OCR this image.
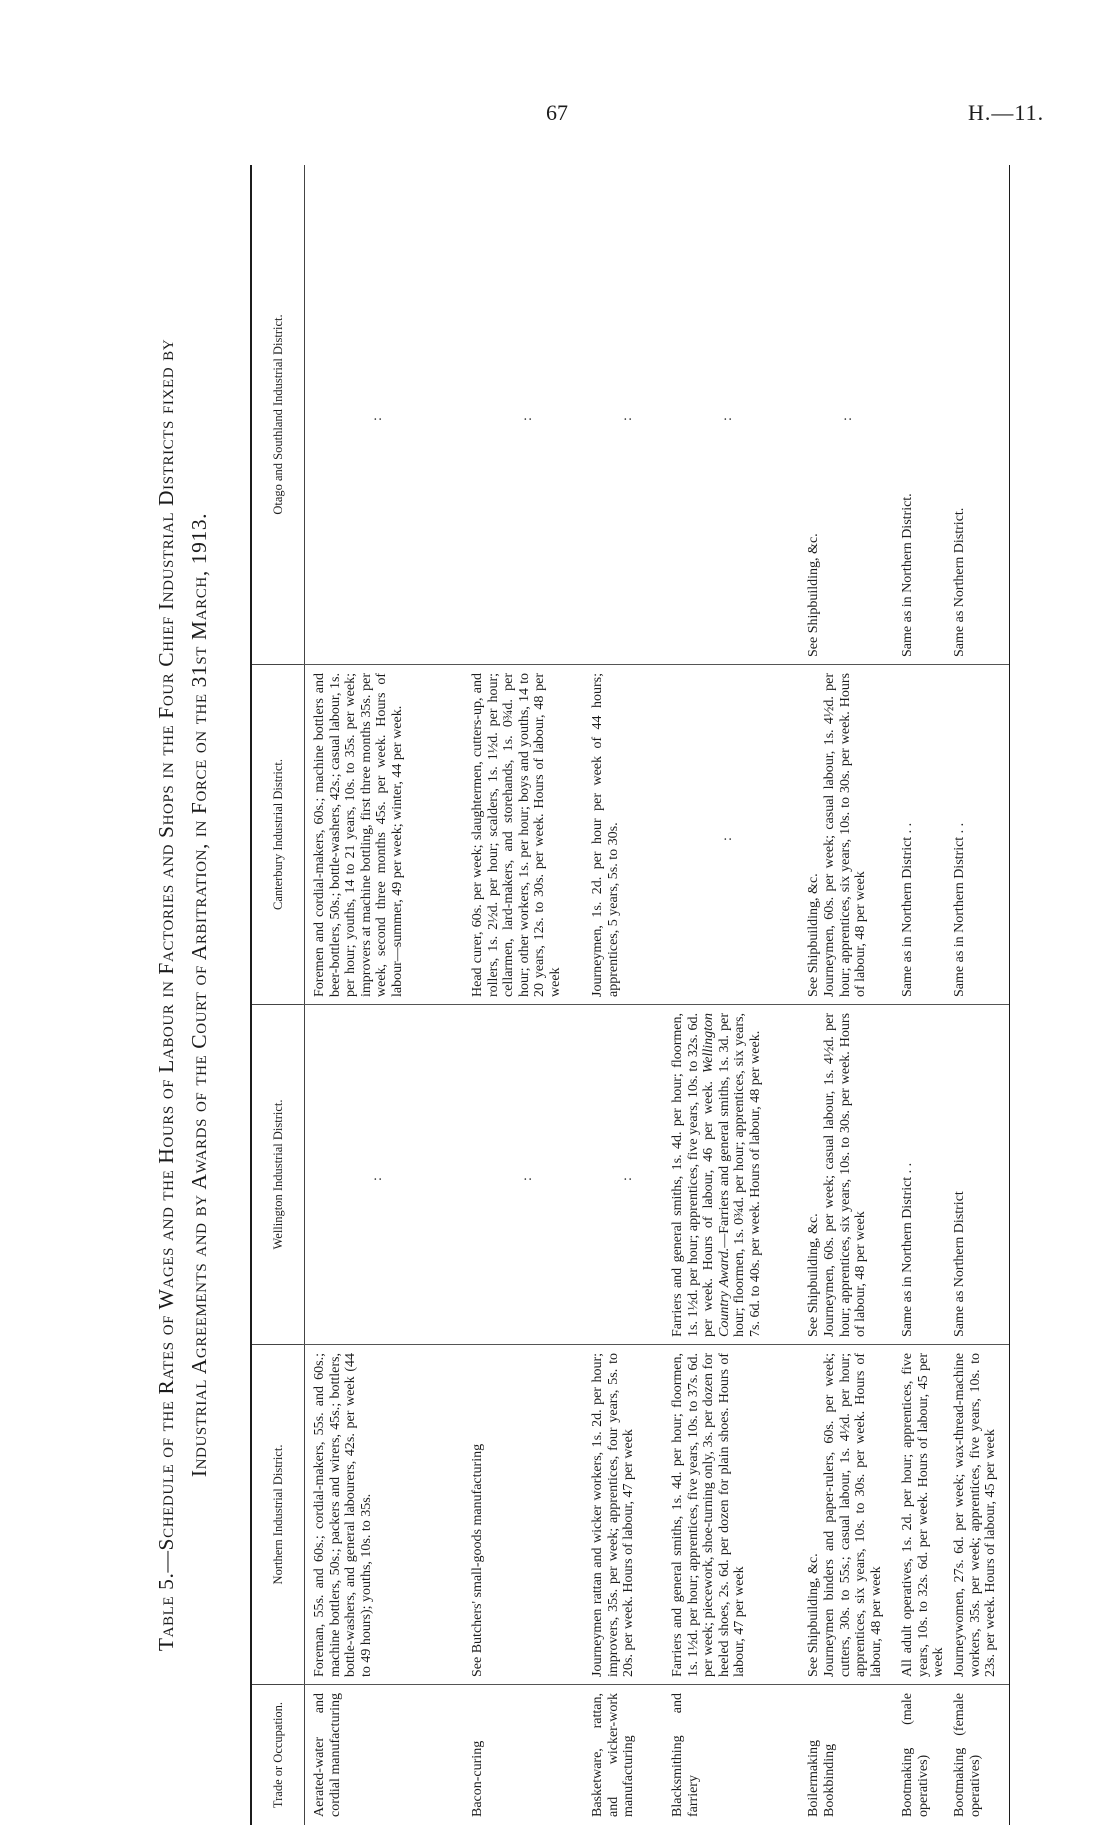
67	H.—11.
Table 5.—Schedule of the Rates of Wages and the Hours of Labour in Factories and Shops in the Four Chief Industrial Districts fixed by Industrial Agreements and by Awards of the Court of Arbitration, in Force on the 31st March, 1913.
Trade or Occupation.
Northern Industrial District.
Wellington Industrial District.
Canterbury Industrial District.
Otago and Southland Industrial District.
Aerated-water and cordial manufacturing
Foreman, 55s. and 60s.; cordial-makers, 55s. and 60s.; machine bottlers, 50s.; packers and wirers, 45s.; bottlers, bottle-washers, and general labourers, 42s. per week (44 to 49 hours); youths, 10s. to 35s.
:
Foremen and cordial-makers, 60s.; machine bottlers and beer-bottlers, 50s.; bottle-washers, 42s.; casual labour, 1s. per hour; youths, 14 to 21 years, 10s. to 35s. per week; improvers at machine bottling, first three months 35s. per week, second three months 45s. per week. Hours of labour—summer, 49 per week; winter, 44 per week.
:
Bacon-curing
See Butchers' small-goods manufacturing
:
Head curer, 60s. per week; slaughtermen, cutters-up, and rollers, 1s. 2½d. per hour; scalders, 1s. 1½d. per hour; cellarmen, lard-makers, and storehands, 1s. 0¾d. per hour; other workers, 1s. per hour; boys and youths, 14 to 20 years, 12s. to 30s. per week. Hours of labour, 48 per week
:
Basketware, rattan, and wicker-work manufacturing
Journeymen rattan and wicker workers, 1s. 2d. per hour; improvers, 35s. per week; apprentices, four years, 5s. to 20s. per week. Hours of labour, 47 per week
:
Journeymen, 1s. 2d. per hour per week of 44 hours; apprentices, 5 years, 5s. to 30s.
:
Blacksmithing and farriery
Farriers and general smiths, 1s. 4d. per hour; floormen, 1s. 1½d. per hour; apprentices, five years, 10s. to 37s. 6d. per week; piecework, shoe-turning only, 3s. per dozen for heeled shoes, 2s. 6d. per dozen for plain shoes. Hours of labour, 47 per week
Farriers and general smiths, 1s. 4d. per hour; floormen, 1s. 1½d. per hour; apprentices, five years, 10s. to 32s. 6d. per week. Hours of labour, 46 per week. Wellington Country Award.—Farriers and general smiths, 1s. 3d. per hour; floormen, 1s. 0¾d. per hour; apprentices, six years, 7s. 6d. to 40s. per week. Hours of labour, 48 per week.
:
:
Boilermaking Bookbinding
See Shipbuilding, &c. Journeymen binders and paper-rulers, 60s. per week; cutters, 30s. to 55s.; casual labour, 1s. 4½d. per hour; apprentices, six years, 10s. to 30s. per week. Hours of labour, 48 per week
See Shipbuilding, &c. Journeymen, 60s. per week; casual labour, 1s. 4½d. per hour; apprentices, six years, 10s. to 30s. per week. Hours of labour, 48 per week
See Shipbuilding, &c. Journeymen, 60s. per week; casual labour, 1s. 4½d. per hour; apprentices, six years, 10s. to 30s. per week. Hours of labour, 48 per week
See Shipbuilding, &c.
:
Bootmaking (male operatives)
All adult operatives, 1s. 2d. per hour; apprentices, five years, 10s. to 32s. 6d. per week. Hours of labour, 45 per week
Same as in Northern District . .
Same as in Northern District . .
Same as in Northern District.
Bootmaking (female operatives)
Journeywomen, 27s. 6d. per week; wax-thread-machine workers, 35s. per week; apprentices, five years, 10s. to 23s. per week. Hours of labour, 45 per week
Same as Northern District
Same as in Northern District . .
Same as Northern District.
